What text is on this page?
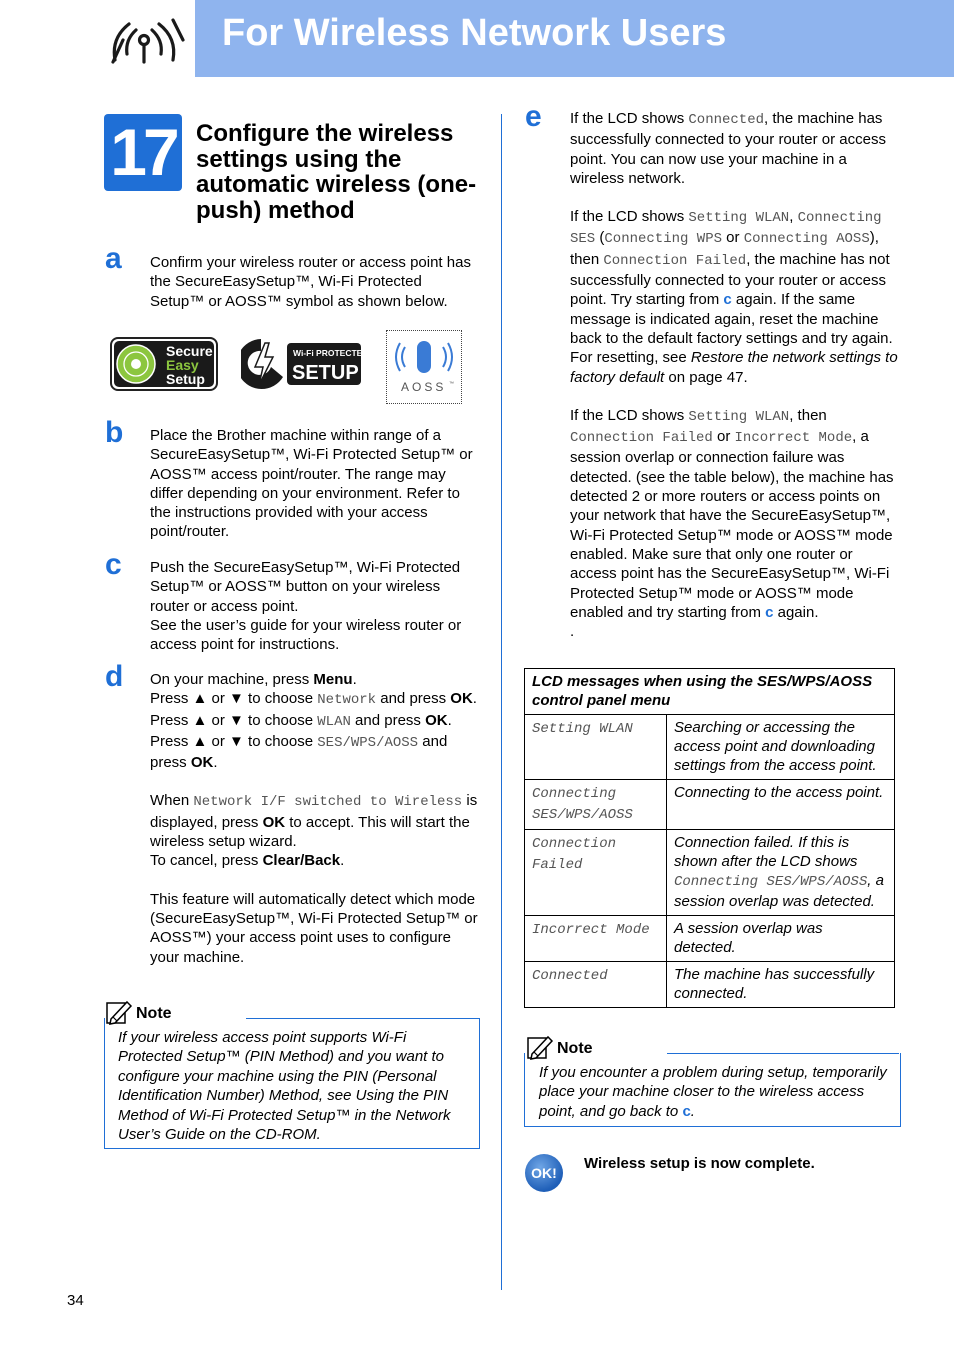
For Wireless Network Users
17 Configure the wireless settings using the automatic wireless (one-push) method
a Confirm your wireless router or access point has the SecureEasySetup™, Wi-Fi Protected Setup™ or AOSS™ symbol as shown below.
Secure
Easy
Setup
Wi-Fi PROTECTED
SETUP
AOSS ™
b Place the Brother machine within range of a SecureEasySetup™, Wi-Fi Protected Setup™ or AOSS™ access point/router. The range may differ depending on your environment. Refer to the instructions provided with your access point/router.
c Push the SecureEasySetup™, Wi-Fi Protected Setup™ or AOSS™ button on your wireless router or access point.

See the user’s guide for your wireless router or access point for instructions.

d On your machine, press Menu.

Press ▲ or ▼ to choose Network and press OK.

Press ▲ or ▼ to choose WLAN and press OK.

Press ▲ or ▼ to choose SES/WPS/AOSS and press OK.

When Network I/F switched to Wireless is displayed, press OK to accept. This will start the wireless setup wizard.

To cancel, press Clear/Back.

This feature will automatically detect which mode (SecureEasySetup™, Wi-Fi Protected Setup™ or AOSS™) your access point uses to configure your machine.

Note
If your wireless access point supports Wi-Fi Protected Setup™ (PIN Method) and you want to configure your machine using the PIN (Personal Identification Number) Method, see Using the PIN Method of Wi-Fi Protected Setup™ in the Network User’s Guide on the CD-ROM.
e If the LCD shows Connected, the machine has successfully connected to your router or access point. You can now use your machine in a wireless network.

If the LCD shows Setting WLAN, Connecting SES (Connecting WPS or Connecting AOSS), then Connection Failed, the machine has not successfully connected to your router or access point. Try starting from c again. If the same message is indicated again, reset the machine back to the default factory settings and try again. For resetting, see Restore the network settings to factory default on page 47.

If the LCD shows Setting WLAN, then Connection Failed or Incorrect Mode, a session overlap or connection failure was detected. (see the table below), the machine has detected 2 or more routers or access points on your network that have the SecureEasySetup™, Wi-Fi Protected Setup™ mode or AOSS™ mode enabled. Make sure that only one router or access point has the SecureEasySetup™, Wi-Fi Protected Setup™ mode or AOSS™ mode enabled and try starting from c again.

.

LCD messages when using the SES/WPS/AOSS control panel menu	
Setting WLAN	Searching or accessing the access point and downloading settings from the access point.
Connecting SES/WPS/AOSS	Connecting to the access point.
Connection Failed	Connection failed. If this is shown after the LCD shows Connecting SES/WPS/AOSS, a session overlap was detected.
Incorrect Mode	A session overlap was detected.
Connected	The machine has successfully connected.
Note
If you encounter a problem during setup, temporarily place your machine closer to the wireless access point, and go back to c.
OK!
Wireless setup is now complete.
34
